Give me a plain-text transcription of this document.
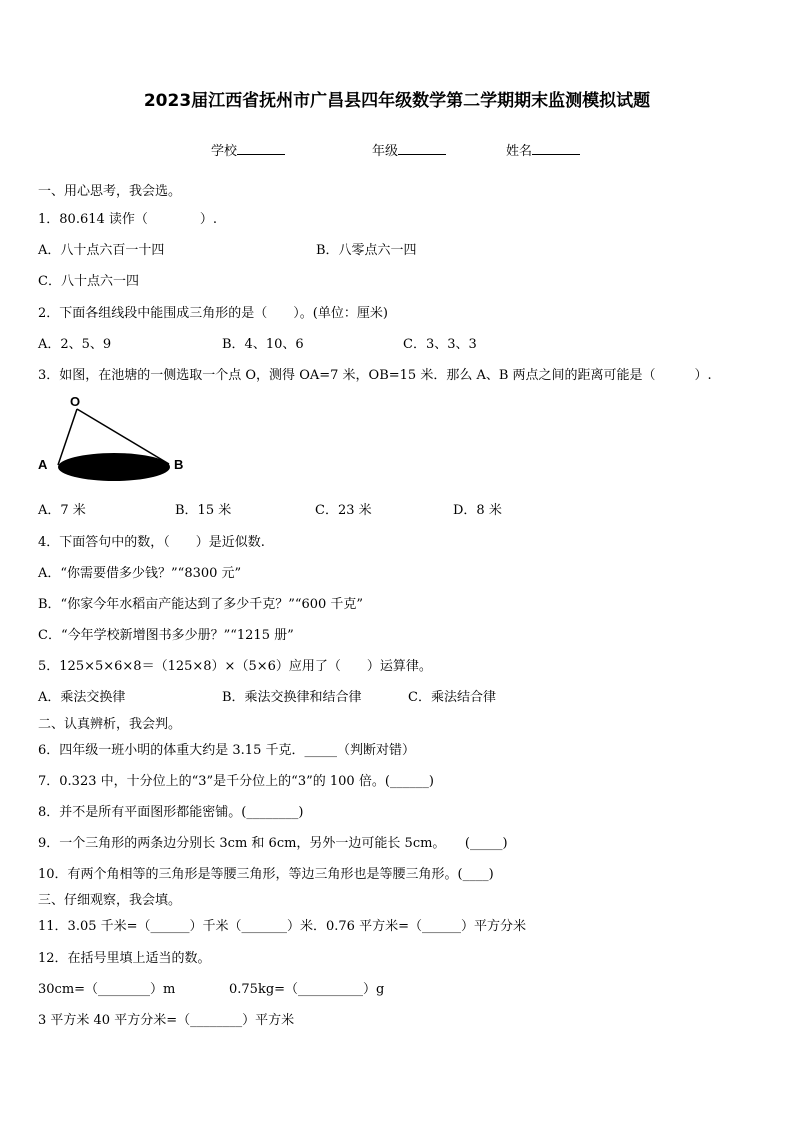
2023届江西省抚州市广昌县四年级数学第二学期期末监测模拟试题
学校	年级	姓名
一、用心思考，我会选。
1．80.614 读作（　　　　）.
A．八十点六百一十四	B．八零点六一四
C．八十点六一四
2．下面各组线段中能围成三角形的是（　　）。(单位：厘米)
A．2、5、9	B．4、10、6	C．3、3、3
3．如图，在池塘的一侧选取一个点 O，测得 OA=7 米，OB=15 米．那么 A、B 两点之间的距离可能是（　　　）.
O
A	B
A．7 米	B．15 米	C．23 米	D．8 米
4．下面答句中的数，（　　）是近似数.
A．“你需要借多少钱？”“8300 元”
B．“你家今年水稻亩产能达到了多少千克？”“600 千克”
C．“今年学校新增图书多少册？”“1215 册”
5．125×5×6×8＝（125×8）×（5×6）应用了（　　）运算律。
A．乘法交换律	B．乘法交换律和结合律	C．乘法结合律
二、认真辨析，我会判。
6．四年级一班小明的体重大约是 3.15 千克．_____（判断对错）
7．0.323 中，十分位上的“3”是千分位上的“3”的 100 倍。(______)
8．并不是所有平面图形都能密铺。(________)
9．一个三角形的两条边分别长 3cm 和 6cm，另外一边可能长 5cm。　　(_____)
10．有两个角相等的三角形是等腰三角形，等边三角形也是等腰三角形。(____)
三、仔细观察，我会填。
11．3.05 千米=（______）千米（_______）米．0.76 平方米=（______）平方分米
12．在括号里填上适当的数。
30cm=（________）m	0.75kg=（__________）g
3 平方米 40 平方分米=（________）平方米
